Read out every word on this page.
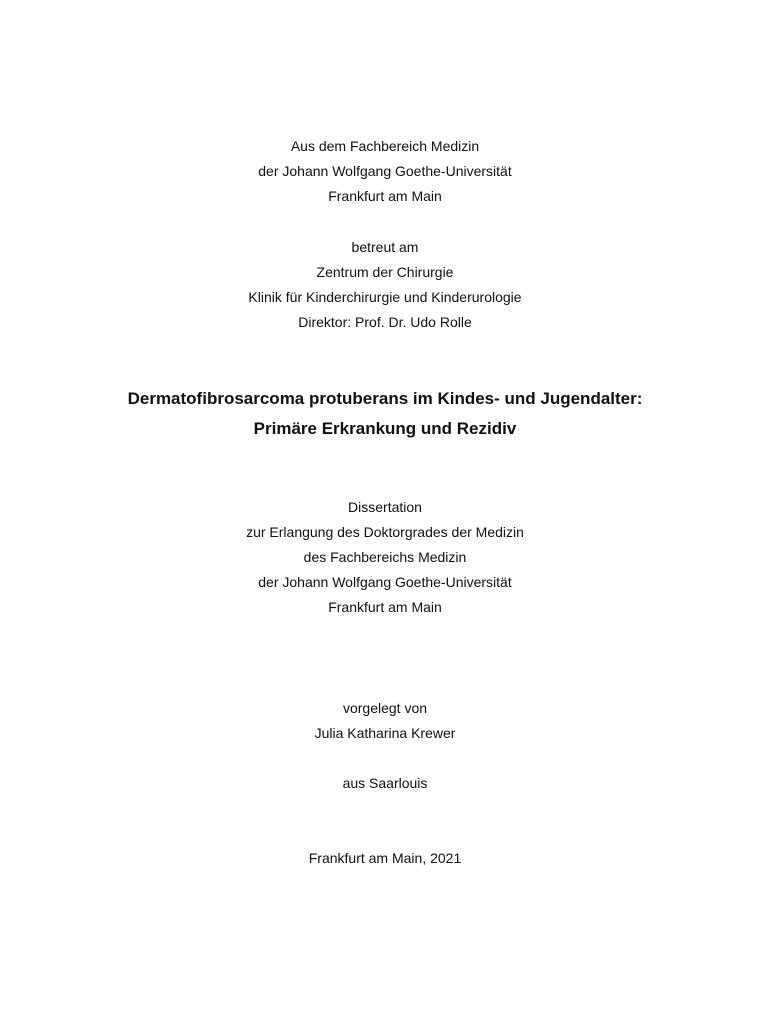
Aus dem Fachbereich Medizin
der Johann Wolfgang Goethe-Universität
Frankfurt am Main
betreut am
Zentrum der Chirurgie
Klinik für Kinderchirurgie und Kinderurologie
Direktor: Prof. Dr. Udo Rolle
Dermatofibrosarcoma protuberans im Kindes- und Jugendalter:
Primäre Erkrankung und Rezidiv
Dissertation
zur Erlangung des Doktorgrades der Medizin
des Fachbereichs Medizin
der Johann Wolfgang Goethe-Universität
Frankfurt am Main
vorgelegt von
Julia Katharina Krewer
aus Saarlouis
Frankfurt am Main, 2021
